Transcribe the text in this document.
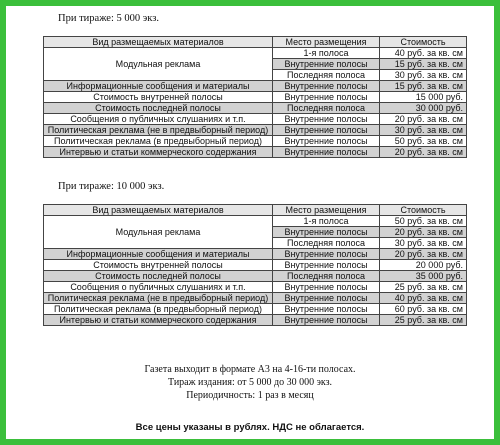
При тираже: 5 000 экз.
Вид размещаемых материалов	Место размещения	Стоимость
Модульная реклама	1-я полоса	40 руб. за кв. см
	Внутренние полосы	15 руб. за кв. см
	Последняя полоса	30 руб. за кв. см
Информационные сообщения и материалы	Внутренние полосы	15 руб. за кв. см
Стоимость внутренней полосы	Внутренние полосы	15 000 руб.
Стоимость последней полосы	Последняя полоса	30 000 руб.
Сообщения о публичных слушаниях и т.п.	Внутренние полосы	20 руб. за кв. см
Политическая реклама (не в предвыборный период)	Внутренние полосы	30 руб. за кв. см
Политическая реклама (в предвыборный период)	Внутренние полосы	50 руб. за кв. см
Интервью и статьи коммерческого содержания	Внутренние полосы	20 руб. за кв. см
При тираже: 10 000 экз.
Вид размещаемых материалов	Место размещения	Стоимость
Модульная реклама	1-я полоса	50 руб. за кв. см
	Внутренние полосы	20 руб. за кв. см
	Последняя полоса	30 руб. за кв. см
Информационные сообщения и материалы	Внутренние полосы	20 руб. за кв. см
Стоимость внутренней полосы	Внутренние полосы	20 000 руб.
Стоимость последней полосы	Последняя полоса	35 000 руб.
Сообщения о публичных слушаниях и т.п.	Внутренние полосы	25 руб. за кв. см
Политическая реклама (не в предвыборный период)	Внутренние полосы	40 руб. за кв. см
Политическая реклама (в предвыборный период)	Внутренние полосы	60 руб. за кв. см
Интервью и статьи коммерческого содержания	Внутренние полосы	25 руб. за кв. см
Газета выходит в формате А3 на 4-16-ти полосах.
Тираж издания: от 5 000 до 30 000 экз.
Периодичность: 1 раз в месяц
Все цены указаны в рублях. НДС не облагается.
